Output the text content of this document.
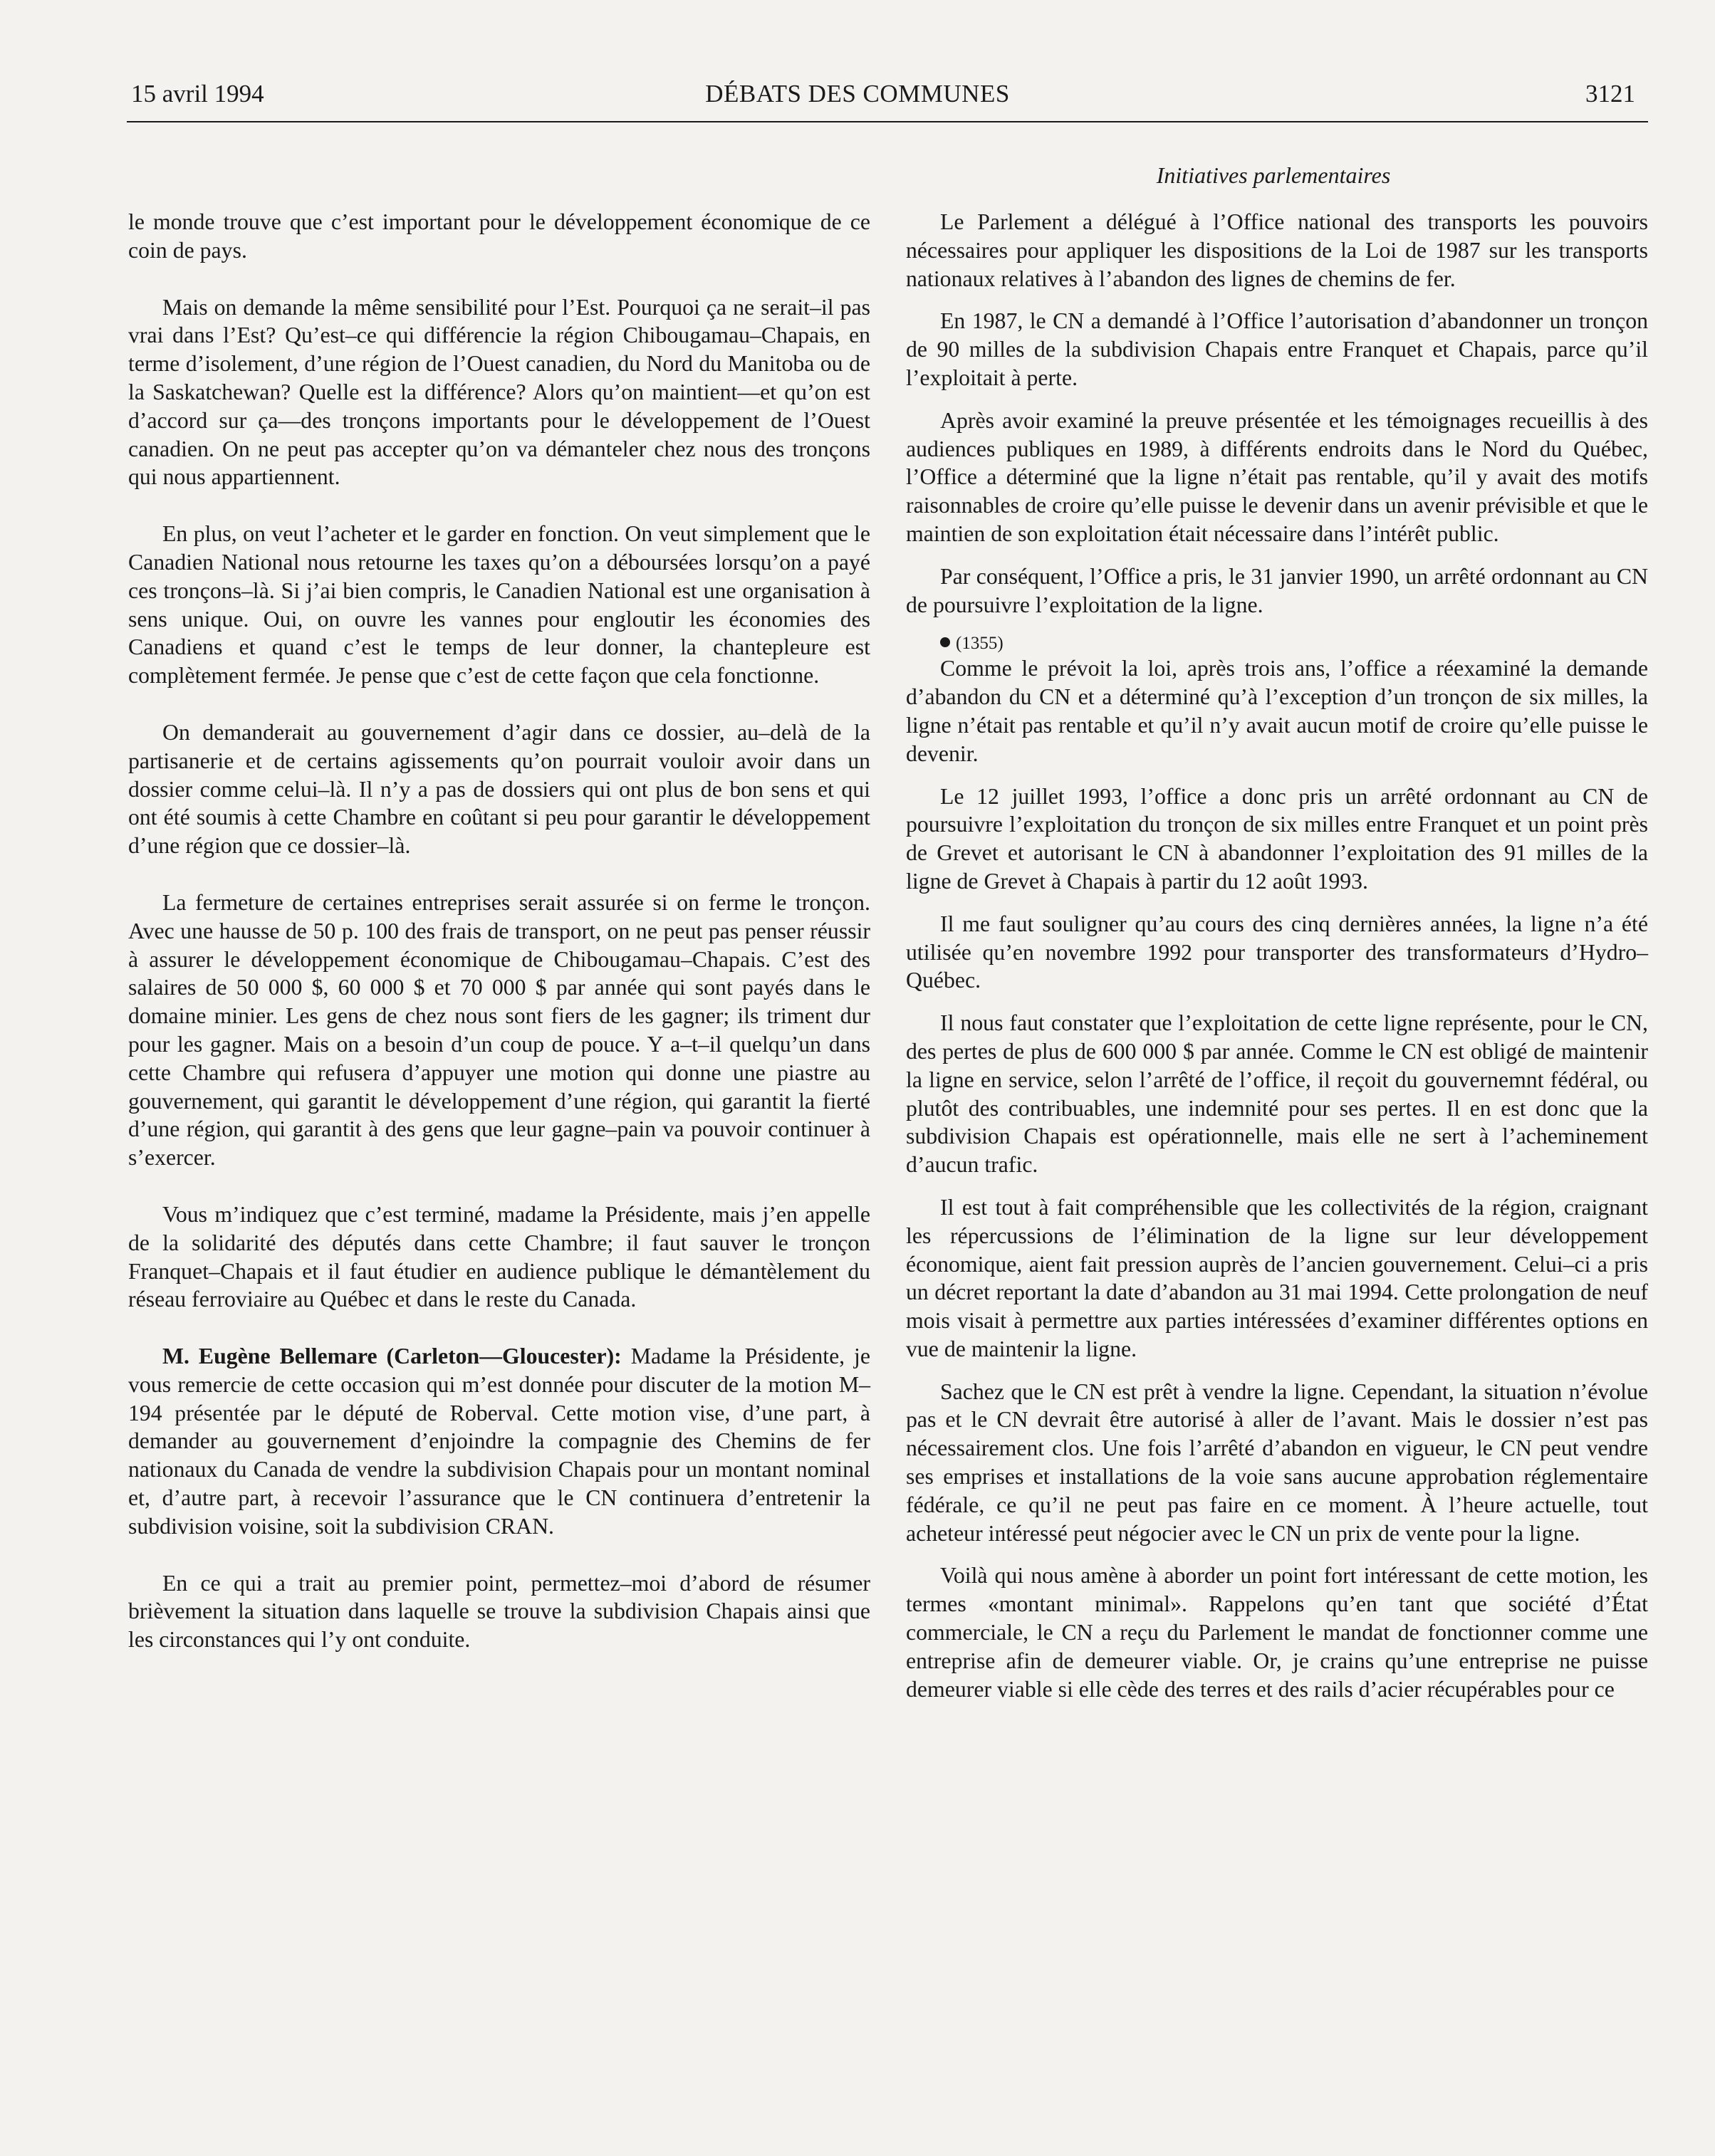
DÉBATS DES COMMUNES
15 avril 1994	3121
Initiatives parlementaires

le monde trouve que c’est important pour le développement économique de ce coin de pays.

Mais on demande la même sensibilité pour l’Est. Pourquoi ça ne serait–il pas vrai dans l’Est? Qu’est–ce qui différencie la région Chibougamau–Chapais, en terme d’isolement, d’une région de l’Ouest canadien, du Nord du Manitoba ou de la Saskatchewan? Quelle est la différence? Alors qu’on maintient—et qu’on est d’accord sur ça—des tronçons importants pour le développement de l’Ouest canadien. On ne peut pas accepter qu’on va démanteler chez nous des tronçons qui nous appartiennent.

En plus, on veut l’acheter et le garder en fonction. On veut simplement que le Canadien National nous retourne les taxes qu’on a déboursées lorsqu’on a payé ces tronçons–là. Si j’ai bien compris, le Canadien National est une organisation à sens unique. Oui, on ouvre les vannes pour engloutir les économies des Canadiens et quand c’est le temps de leur donner, la chantepleure est complètement fermée. Je pense que c’est de cette façon que cela fonctionne.

On demanderait au gouvernement d’agir dans ce dossier, au–delà de la partisanerie et de certains agissements qu’on pourrait vouloir avoir dans un dossier comme celui–là. Il n’y a pas de dossiers qui ont plus de bon sens et qui ont été soumis à cette Chambre en coûtant si peu pour garantir le développement d’une région que ce dossier–là.

La fermeture de certaines entreprises serait assurée si on ferme le tronçon. Avec une hausse de 50 p. 100 des frais de transport, on ne peut pas penser réussir à assurer le développement économique de Chibougamau–Chapais. C’est des salaires de 50 000 $, 60 000 $ et 70 000 $ par année qui sont payés dans le domaine minier. Les gens de chez nous sont fiers de les gagner; ils triment dur pour les gagner. Mais on a besoin d’un coup de pouce. Y a–t–il quelqu’un dans cette Chambre qui refusera d’appuyer une motion qui donne une piastre au gouvernement, qui garantit le développement d’une région, qui garantit la fierté d’une région, qui garantit à des gens que leur gagne–pain va pouvoir continuer à s’exercer.

Vous m’indiquez que c’est terminé, madame la Présidente, mais j’en appelle de la solidarité des députés dans cette Chambre; il faut sauver le tronçon Franquet–Chapais et il faut étudier en audience publique le démantèlement du réseau ferroviaire au Québec et dans le reste du Canada.

M. Eugène Bellemare (Carleton—Gloucester): Madame la Présidente, je vous remercie de cette occasion qui m’est donnée pour discuter de la motion M–194 présentée par le député de Roberval. Cette motion vise, d’une part, à demander au gouvernement d’enjoindre la compagnie des Chemins de fer nationaux du Canada de vendre la subdivision Chapais pour un montant nominal et, d’autre part, à recevoir l’assurance que le CN continuera d’entretenir la subdivision voisine, soit la subdivision CRAN.

En ce qui a trait au premier point, permettez–moi d’abord de résumer brièvement la situation dans laquelle se trouve la subdivision Chapais ainsi que les circonstances qui l’y ont conduite.

Le Parlement a délégué à l’Office national des transports les pouvoirs nécessaires pour appliquer les dispositions de la Loi de 1987 sur les transports nationaux relatives à l’abandon des lignes de chemins de fer.

En 1987, le CN a demandé à l’Office l’autorisation d’abandonner un tronçon de 90 milles de la subdivision Chapais entre Franquet et Chapais, parce qu’il l’exploitait à perte.

Après avoir examiné la preuve présentée et les témoignages recueillis à des audiences publiques en 1989, à différents endroits dans le Nord du Québec, l’Office a déterminé que la ligne n’était pas rentable, qu’il y avait des motifs raisonnables de croire qu’elle puisse le devenir dans un avenir prévisible et que le maintien de son exploitation était nécessaire dans l’intérêt public.

Par conséquent, l’Office a pris, le 31 janvier 1990, un arrêté ordonnant au CN de poursuivre l’exploitation de la ligne.

(1355)

Comme le prévoit la loi, après trois ans, l’office a réexaminé la demande d’abandon du CN et a déterminé qu’à l’exception d’un tronçon de six milles, la ligne n’était pas rentable et qu’il n’y avait aucun motif de croire qu’elle puisse le devenir.

Le 12 juillet 1993, l’office a donc pris un arrêté ordonnant au CN de poursuivre l’exploitation du tronçon de six milles entre Franquet et un point près de Grevet et autorisant le CN à abandonner l’exploitation des 91 milles de la ligne de Grevet à Chapais à partir du 12 août 1993.

Il me faut souligner qu’au cours des cinq dernières années, la ligne n’a été utilisée qu’en novembre 1992 pour transporter des transformateurs d’Hydro–Québec.

Il nous faut constater que l’exploitation de cette ligne représente, pour le CN, des pertes de plus de 600 000 $ par année. Comme le CN est obligé de maintenir la ligne en service, selon l’arrêté de l’office, il reçoit du gouvernemnt fédéral, ou plutôt des contribuables, une indemnité pour ses pertes. Il en est donc que la subdivision Chapais est opérationnelle, mais elle ne sert à l’acheminement d’aucun trafic.

Il est tout à fait compréhensible que les collectivités de la région, craignant les répercussions de l’élimination de la ligne sur leur développement économique, aient fait pression auprès de l’ancien gouvernement. Celui–ci a pris un décret reportant la date d’abandon au 31 mai 1994. Cette prolongation de neuf mois visait à permettre aux parties intéressées d’examiner différentes options en vue de maintenir la ligne.

Sachez que le CN est prêt à vendre la ligne. Cependant, la situation n’évolue pas et le CN devrait être autorisé à aller de l’avant. Mais le dossier n’est pas nécessairement clos. Une fois l’arrêté d’abandon en vigueur, le CN peut vendre ses emprises et installations de la voie sans aucune approbation réglementaire fédérale, ce qu’il ne peut pas faire en ce moment. À l’heure actuelle, tout acheteur intéressé peut négocier avec le CN un prix de vente pour la ligne.

Voilà qui nous amène à aborder un point fort intéressant de cette motion, les termes «montant minimal». Rappelons qu’en tant que société d’État commerciale, le CN a reçu du Parlement le mandat de fonctionner comme une entreprise afin de demeurer viable. Or, je crains qu’une entreprise ne puisse demeurer viable si elle cède des terres et des rails d’acier récupérables pour ce
